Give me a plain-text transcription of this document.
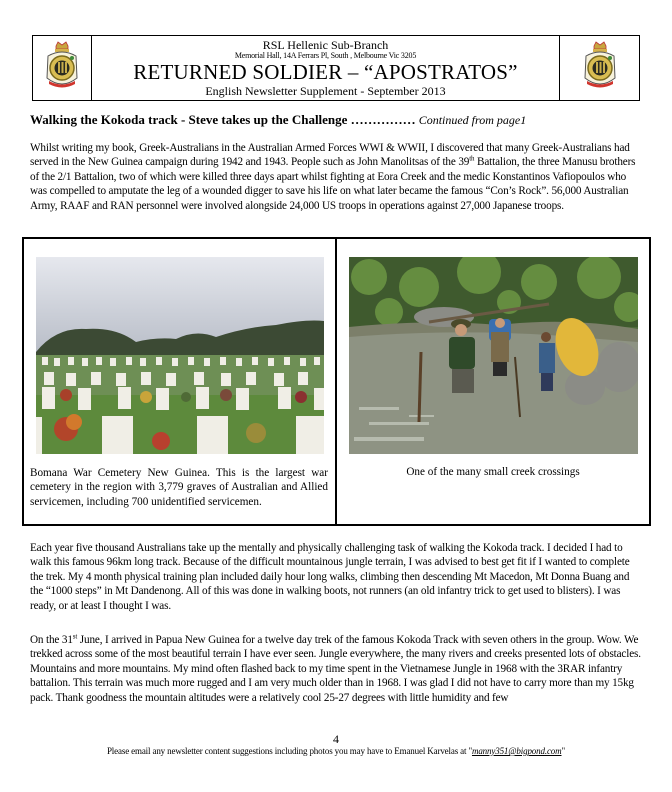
RSL Hellenic Sub-Branch
Memorial Hall, 14A Ferrars Pl, South , Melbourne Vic 3205
RETURNED SOLDIER – “APOSTRATOS”
English Newsletter Supplement - September 2013
Walking the Kokoda track - Steve takes up the Challenge …………… Continued from page1
Whilst writing my book, Greek-Australians in the Australian Armed Forces WWI & WWII, I discovered that many Greek-Australians had served in the New Guinea campaign during 1942 and 1943. People such as John Manolitsas of the 39th Battalion, the three Manusu brothers of the 2/1 Battalion, two of which were killed three days apart whilst fighting at Eora Creek and the medic Konstantinos Vafiopoulos who was compelled to amputate the leg of a wounded digger to save his life on what later became the famous “Con’s Rock”. 56,000 Australian Army, RAAF and RAN personnel were involved alongside 24,000 US troops in operations against 27,000 Japanese troops.
Bomana War Cemetery New Guinea. This is the largest war cemetery in the region with 3,779 graves of Australian and Allied servicemen, including 700 unidentified servicemen.
One of the many small creek crossings
Each year five thousand Australians take up the mentally and physically challenging task of walking the Kokoda track. I decided I had to walk this famous 96km long track. Because of the difficult mountainous jungle terrain, I was advised to best get fit if I wanted to complete the trek. My 4 month physical training plan included daily hour long walks, climbing then descending Mt Macedon, Mt Donna Buang and the “1000 steps” in Mt Dandenong. All of this was done in walking boots, not runners (an old infantry trick to get used to blisters). I was ready, or at least I thought I was.
On the 31st June, I arrived in Papua New Guinea for a twelve day trek of the famous Kokoda Track with seven others in the group. Wow. We trekked across some of the most beautiful terrain I have ever seen. Jungle everywhere, the many rivers and creeks presented lots of obstacles. Mountains and more mountains. My mind often flashed back to my time spent in the Vietnamese Jungle in 1968 with the 3RAR infantry battalion. This terrain was much more rugged and I am very much older than in 1968. I was glad I did not have to carry more than my 15kg pack. Thank goodness the mountain altitudes were a relatively cool 25-27 degrees with little humidity and few
4
Please email any newsletter content suggestions including photos you may have to Emanuel Karvelas at "manny351@bigpond.com"
